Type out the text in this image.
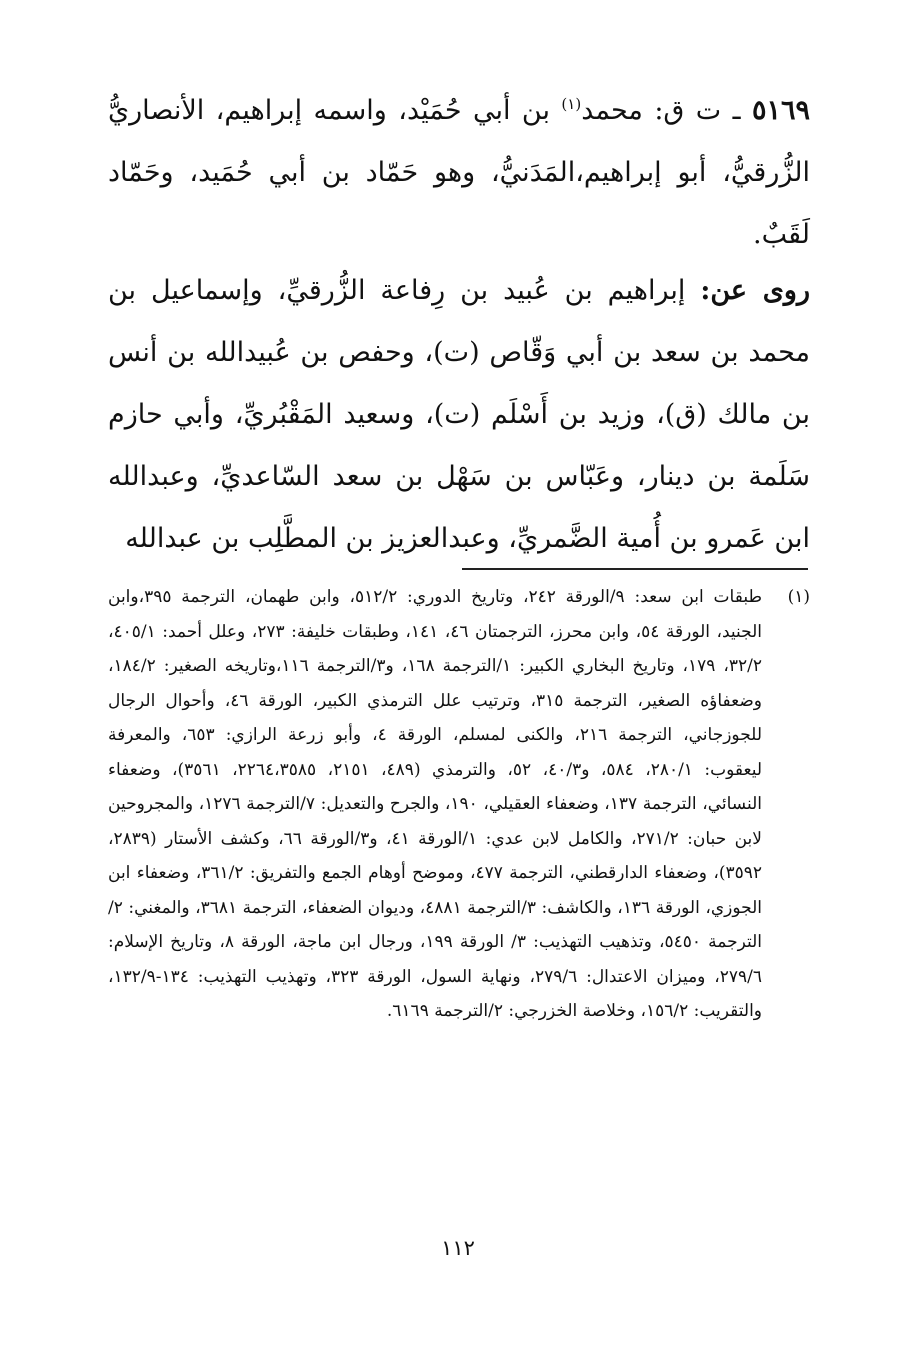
٥١٦٩ ـ ت ق: محمد$^{(١)}$ بن أبي حُمَيْد، واسمه إبراهيم، الأنصاريُّ الزُّرقيُّ، أبو إبراهيم،المَدَنيُّ، وهو حَمّاد بن أبي حُمَيد، وحَمّاد لَقَبٌ.

روى عن: إبراهيم بن عُبيد بن رِفاعة الزُّرقيِّ، وإسماعيل بن محمد بن سعد بن أبي وَقّاص (ت)، وحفص بن عُبيدالله بن أنس بن مالك (ق)، وزيد بن أَسْلَم (ت)، وسعيد المَقْبُريِّ، وأبي حازم سَلَمة بن دينار، وعَبّاس بن سَهْل بن سعد السّاعديِّ، وعبدالله ابن عَمرو بن أُمية الضَّمريِّ، وعبدالعزيز بن المطَّلِب بن عبدالله

(١)
طبقات ابن سعد: ٩/الورقة ٢٤٢، وتاريخ الدوري: ٥١٢/٢، وابن طهمان، الترجمة ٣٩٥،وابن الجنيد، الورقة ٥٤، وابن محرز، الترجمتان ٤٦، ١٤١، وطبقات خليفة: ٢٧٣، وعلل أحمد: ٤٠٥/١، ٣٢/٢، ١٧٩، وتاريخ البخاري الكبير: ١/الترجمة ١٦٨، و٣/الترجمة ١١٦،وتاريخه الصغير: ١٨٤/٢، وضعفاؤه الصغير، الترجمة ٣١٥، وترتيب علل الترمذي الكبير، الورقة ٤٦، وأحوال الرجال للجوزجاني، الترجمة ٢١٦، والكنى لمسلم، الورقة ٤، وأبو زرعة الرازي: ٦٥٣، والمعرفة ليعقوب: ٢٨٠/١، ٥٨٤، و٤٠/٣، ٥٢، والترمذي (٤٨٩، ٢١٥١، ٢٢٦٤،٣٥٨٥، ٣٥٦١)، وضعفاء النسائي، الترجمة ١٣٧، وضعفاء العقيلي، ١٩٠، والجرح والتعديل: ٧/الترجمة ١٢٧٦، والمجروحين لابن حبان: ٢٧١/٢، والكامل لابن عدي: ١/الورقة ٤١، و٣/الورقة ٦٦، وكشف الأستار (٢٨٣٩، ٣٥٩٢)، وضعفاء الدارقطني، الترجمة ٤٧٧، وموضح أوهام الجمع والتفريق: ٣٦١/٢، وضعفاء ابن الجوزي، الورقة ١٣٦، والكاشف: ٣/الترجمة ٤٨٨١، وديوان الضعفاء، الترجمة ٣٦٨١، والمغني: ٢/الترجمة ٥٤٥٠، وتذهيب التهذيب: ٣/ الورقة ١٩٩، ورجال ابن ماجة، الورقة ٨، وتاريخ الإسلام: ٢٧٩/٦، وميزان الاعتدال: ٢٧٩/٦، ونهاية السول، الورقة ٣٢٣، وتهذيب التهذيب: ١٣٤-١٣٢/٩، والتقريب: ١٥٦/٢، وخلاصة الخزرجي: ٢/الترجمة ٦١٦٩.
١١٢
